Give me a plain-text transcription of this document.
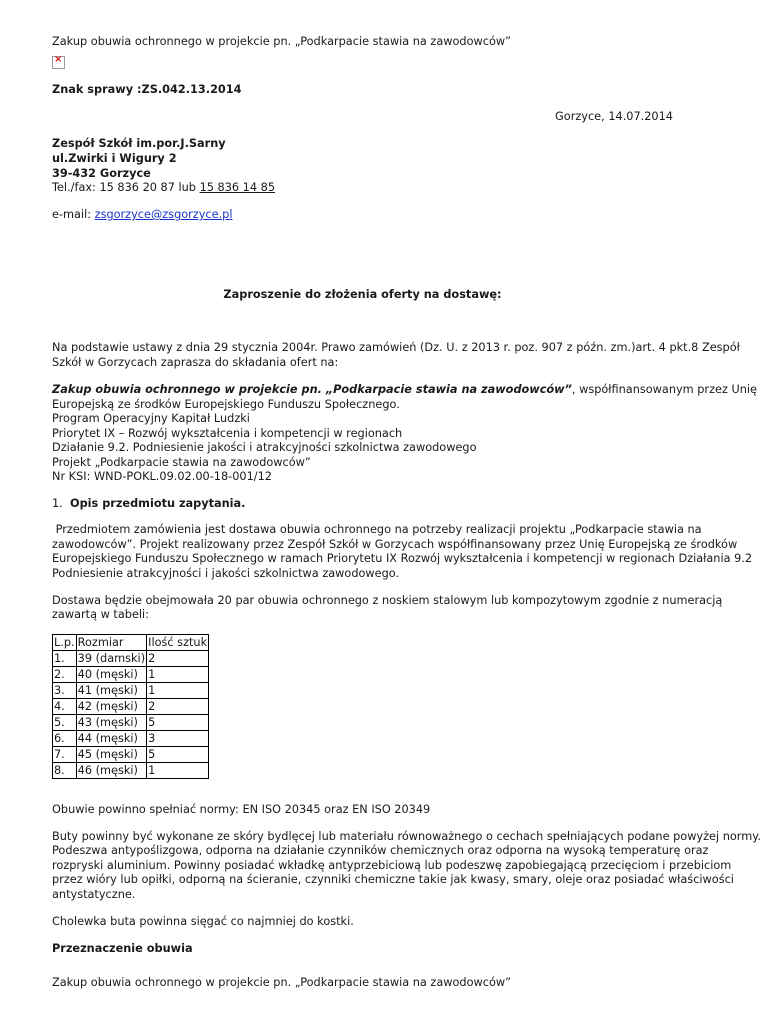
Zakup obuwia ochronnego w projekcie pn. „Podkarpacie stawia na zawodowców”
×
Znak sprawy :ZS.042.13.2014
Gorzyce, 14.07.2014
Zespół Szkół im.por.J.Sarny
ul.Zwirki i Wigury 2
39-432 Gorzyce
Tel./fax: 15 836 20 87 lub 15 836 14 85
e-mail: zsgorzyce@zsgorzyce.pl
Zaproszenie do złożenia oferty na dostawę:
Na podstawie ustawy z dnia 29 stycznia 2004r. Prawo zamówień (Dz. U. z 2013 r. poz. 907 z późn. zm.)art. 4 pkt.8 Zespół
Szkół w Gorzycach zaprasza do składania ofert na:
Zakup obuwia ochronnego w projekcie pn. „Podkarpacie stawia na zawodowców”, współfinansowanym przez Unię
Europejską ze środków Europejskiego Funduszu Społecznego.
Program Operacyjny Kapitał Ludzki
Priorytet IX – Rozwój wykształcenia i kompetencji w regionach
Działanie 9.2. Podniesienie jakości i atrakcyjności szkolnictwa zawodowego
Projekt „Podkarpacie stawia na zawodowców”
Nr KSI: WND-POKL.09.02.00-18-001/12
1. Opis przedmiotu zapytania.
Przedmiotem zamówienia jest dostawa obuwia ochronnego na potrzeby realizacji projektu „Podkarpacie stawia na
zawodowców”. Projekt realizowany przez Zespół Szkół w Gorzycach współfinansowany przez Unię Europejską ze środków
Europejskiego Funduszu Społecznego w ramach Priorytetu IX Rozwój wykształcenia i kompetencji w regionach Działania 9.2
Podniesienie atrakcyjności i jakości szkolnictwa zawodowego.
Dostawa będzie obejmowała 20 par obuwia ochronnego z noskiem stalowym lub kompozytowym zgodnie z numeracją
zawartą w tabeli:
L.p.	Rozmiar	Ilość sztuk
1.	39 (damski)	2
2.	40 (męski)	1
3.	41 (męski)	1
4.	42 (męski)	2
5.	43 (męski)	5
6.	44 (męski)	3
7.	45 (męski)	5
8.	46 (męski)	1
Obuwie powinno spełniać normy: EN ISO 20345 oraz EN ISO 20349
Buty powinny być wykonane ze skóry bydlęcej lub materiału równoważnego o cechach spełniających podane powyżej normy.
Podeszwa antypoślizgowa, odporna na działanie czynników chemicznych oraz odporna na wysoką temperaturę oraz
rozpryski aluminium. Powinny posiadać wkładkę antyprzebiciową lub podeszwę zapobiegającą przecięciom i przebiciom
przez wióry lub opiłki, odporną na ścieranie, czynniki chemiczne takie jak kwasy, smary, oleje oraz posiadać właściwości
antystatyczne.
Cholewka buta powinna sięgać co najmniej do kostki.
Przeznaczenie obuwia
Zakup obuwia ochronnego w projekcie pn. „Podkarpacie stawia na zawodowców”
